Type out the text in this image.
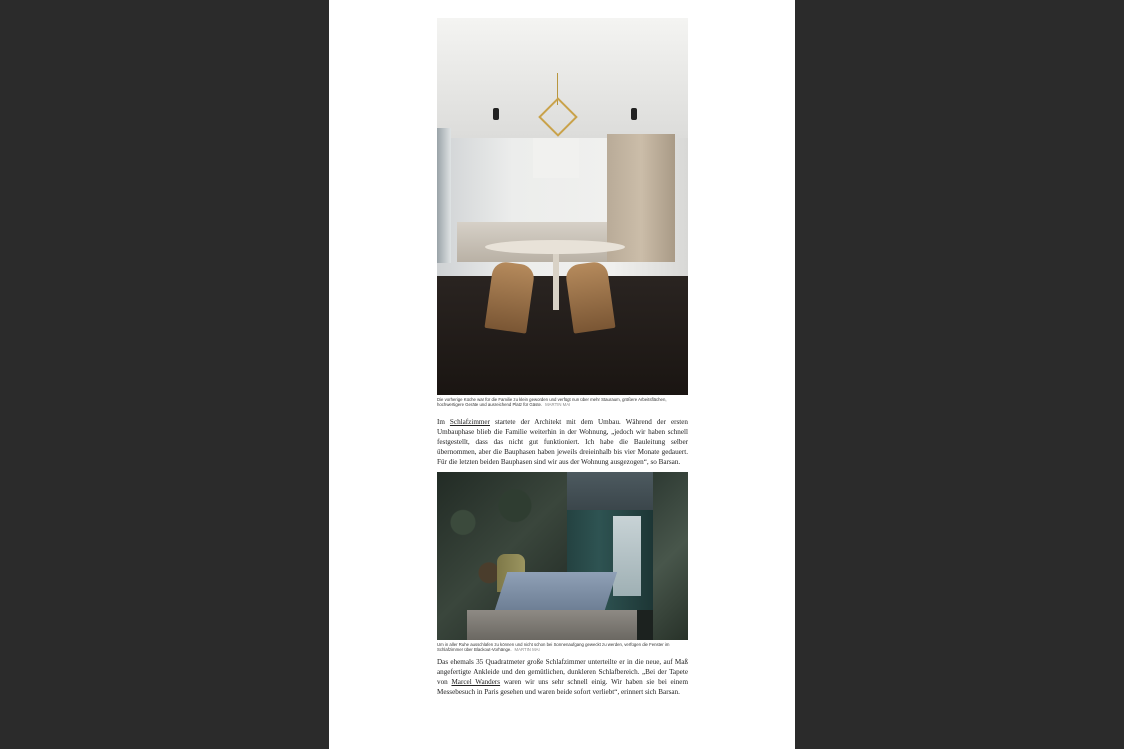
Die vorherige Küche war für die Familie zu klein geworden und verfügt nun über mehr Stauraum, größere Arbeitsflächen, hochwertigere Geräte und ausreichend Platz für Gäste. MARTIN MAI
Im Schlafzimmer startete der Architekt mit dem Umbau. Während der ersten Umbauphase blieb die Familie weiterhin in der Wohnung, „jedoch wir haben schnell festgestellt, dass das nicht gut funktioniert. Ich habe die Bauleitung selber übernommen, aber die Bauphasen haben jeweils dreieinhalb bis vier Monate gedauert. Für die letzten beiden Bauphasen sind wir aus der Wohnung ausgezogen“, so Barsan.
Um in aller Ruhe ausschlafen zu können und nicht schon bei Sonnenaufgang geweckt zu werden, verfügen die Fenster im Schlafzimmer über Blackout-Vorhänge. MARTIN MAI
Das ehemals 35 Quadratmeter große Schlafzimmer unterteilte er in die neue, auf Maß angefertigte Ankleide und den gemütlichen, dunkleren Schlafbereich. „Bei der Tapete von Marcel Wanders waren wir uns sehr schnell einig. Wir haben sie bei einem Messebesuch in Paris gesehen und waren beide sofort verliebt“, erinnert sich Barsan.
